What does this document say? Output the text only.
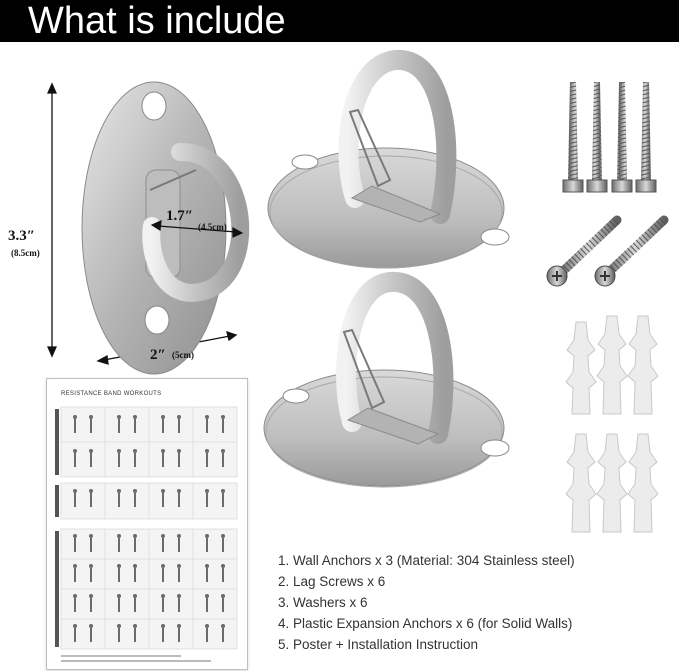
What is include
3.3″
(8.5cm)
1.7″
(4.5cm)
2″ (5cm)
RESISTANCE BAND WORKOUTS
1. Wall Anchors x 3 (Material: 304 Stainless steel)
2. Lag Screws x 6
3. Washers x 6
4. Plastic Expansion Anchors x 6 (for Solid Walls)
5. Poster + Installation Instruction
